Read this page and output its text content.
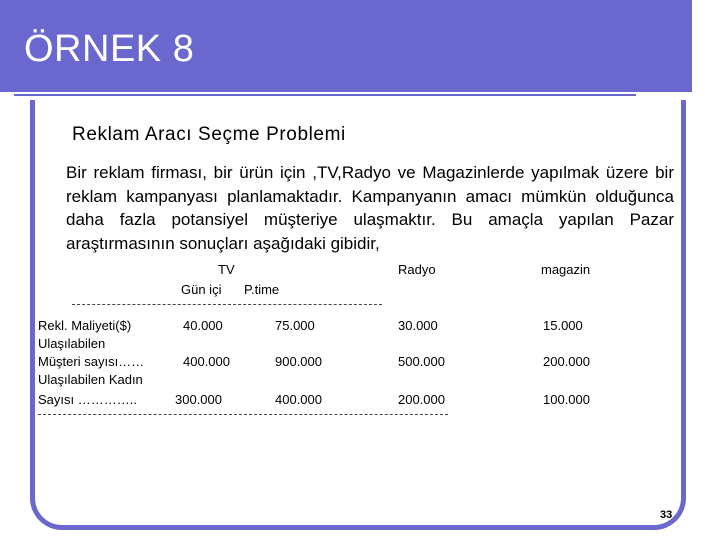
ÖRNEK 8
Reklam Aracı Seçme Problemi
Bir reklam firması, bir ürün için ,TV,Radyo ve Magazinlerde yapılmak üzere bir reklam kampanyası planlamaktadır. Kampanyanın amacı mümkün olduğunca daha fazla potansiyel müşteriye ulaşmaktır. Bu amaçla yapılan Pazar araştırmasının sonuçları aşağıdaki gibidir,
TV	Radyo	magazin
Gün içi P.time
Rekl. Maliyeti($)	40.000	75.000	30.000	15.000
Ulaşılabilen
Müşteri sayısı……	400.000	900.000	500.000	200.000
Ulaşılabilen Kadın
Sayısı …………..	300.000	400.000	200.000	100.000
33
